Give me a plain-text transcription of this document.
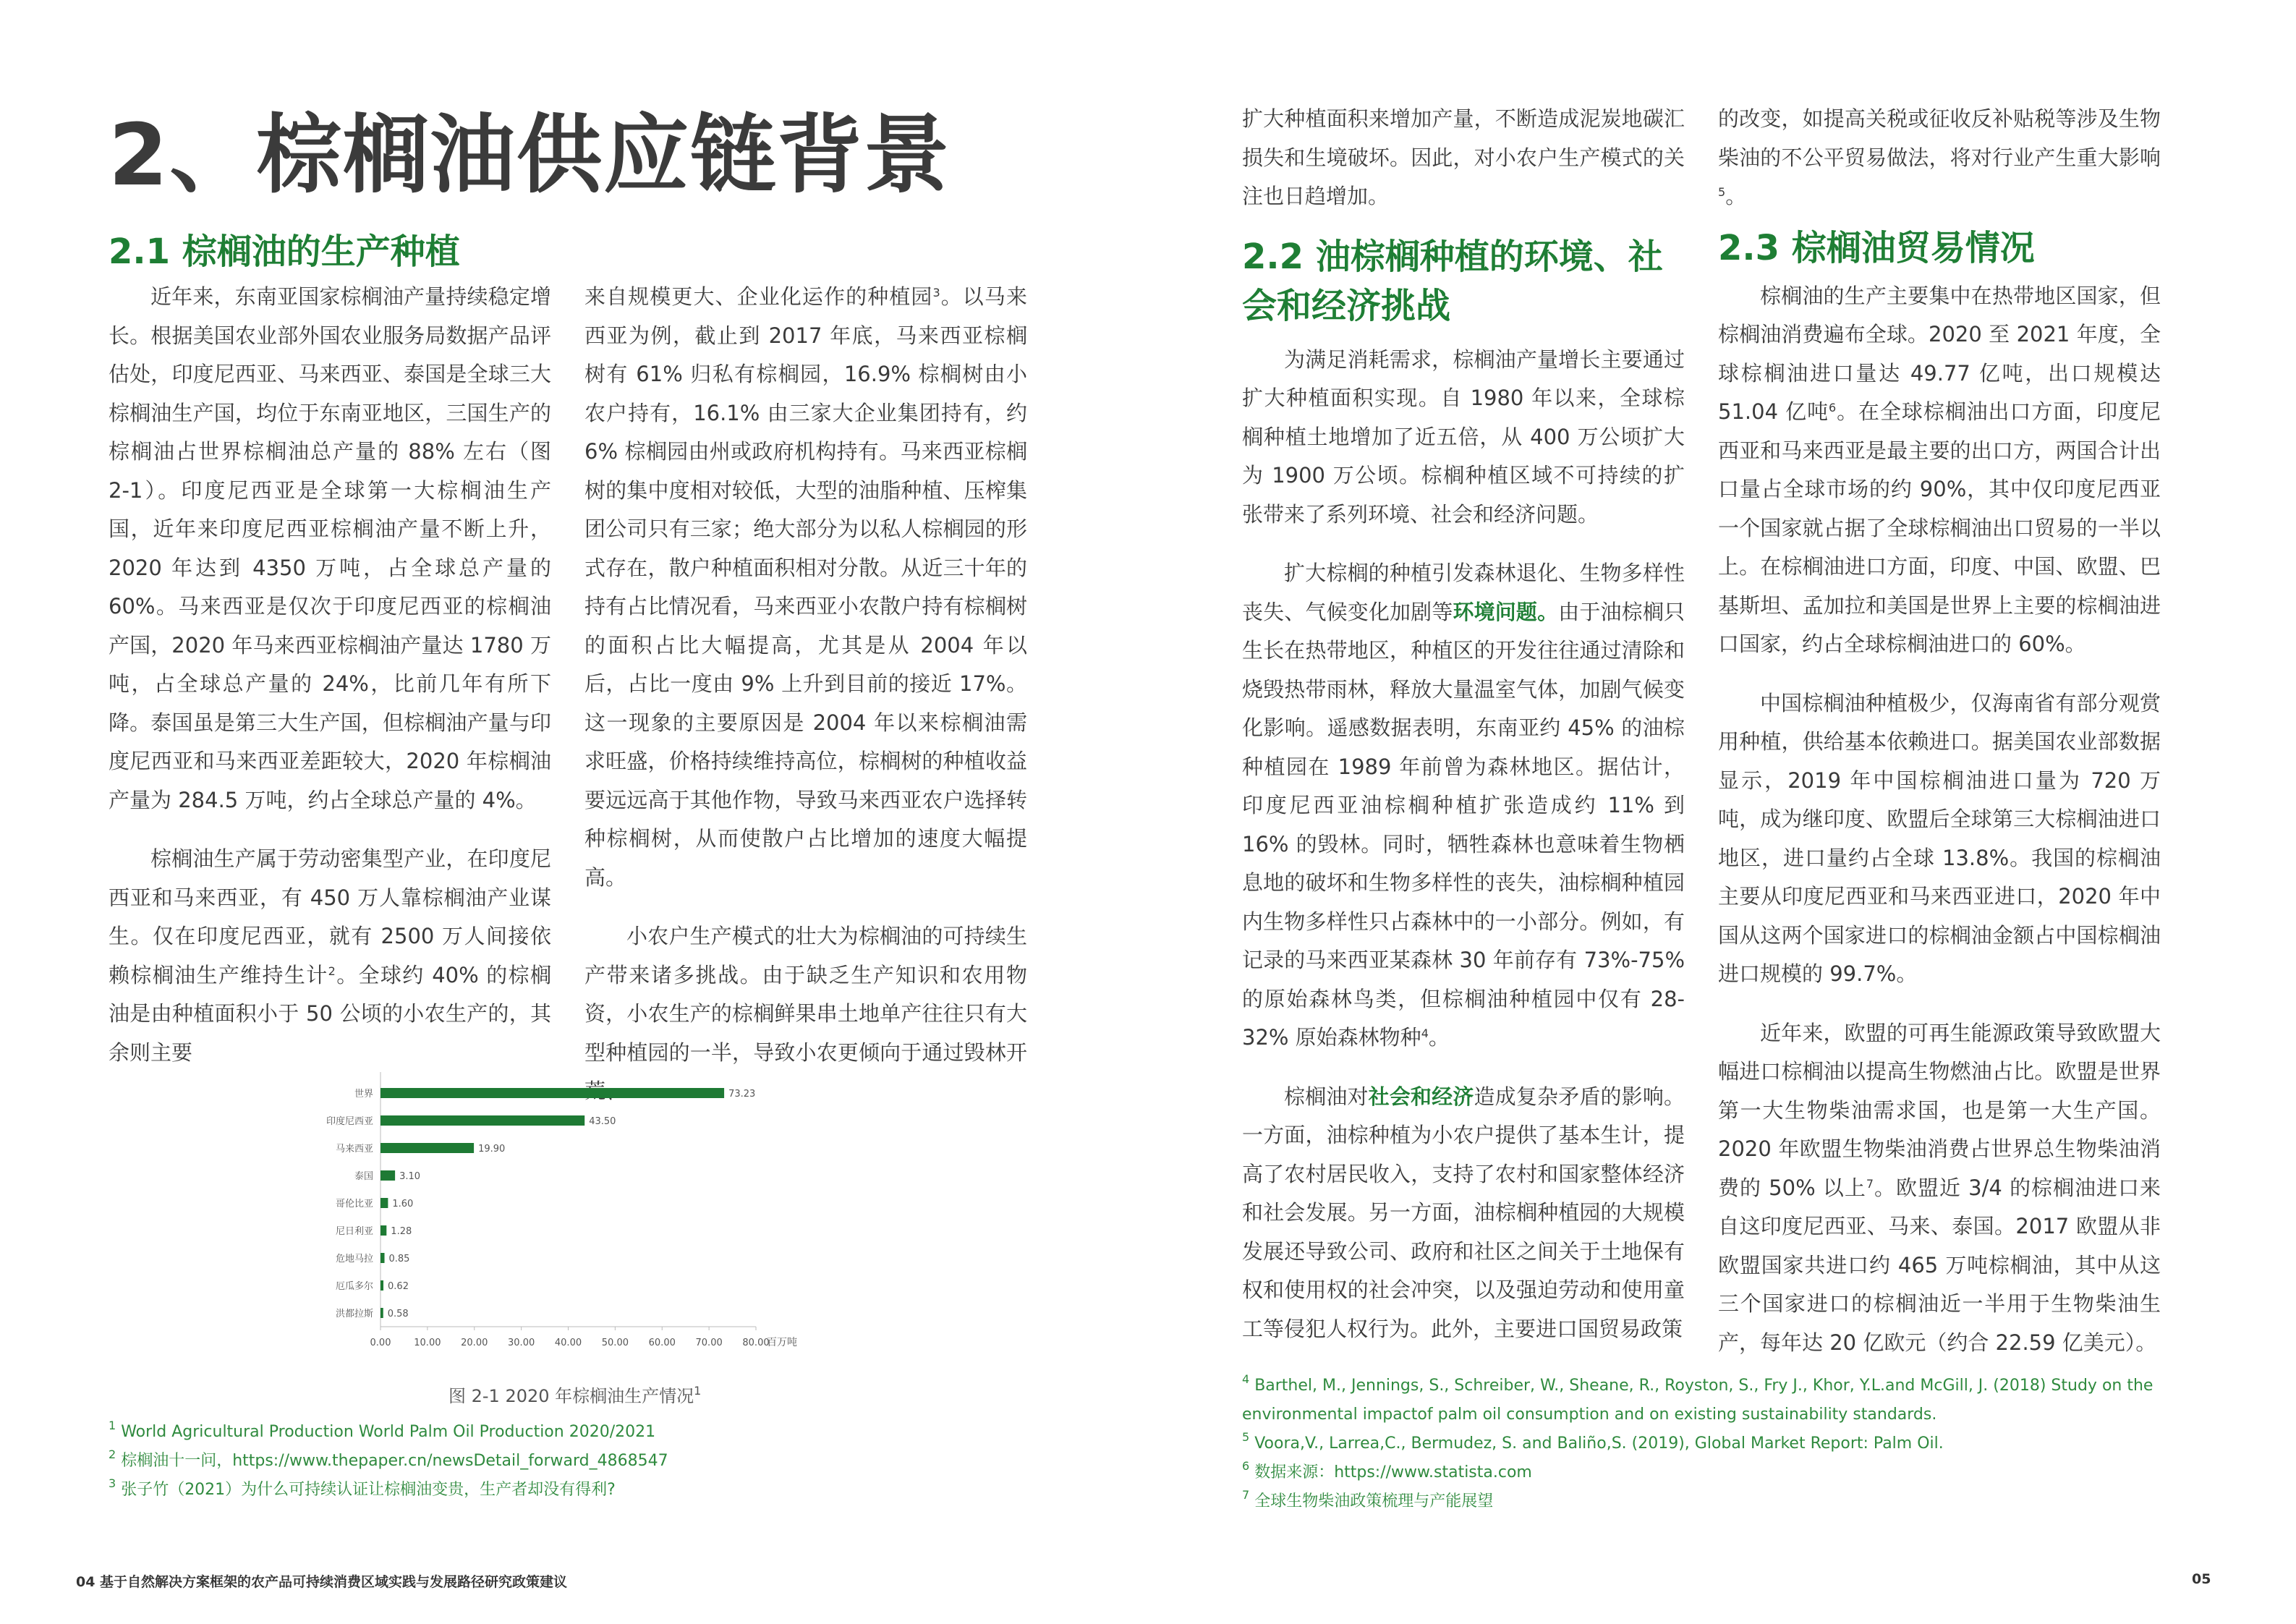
2、棕榈油供应链背景
2.1 棕榈油的生产种植

近年来，东南亚国家棕榈油产量持续稳定增长。根据美国农业部外国农业服务局数据产品评估处，印度尼西亚、马来西亚、泰国是全球三大棕榈油生产国，均位于东南亚地区，三国生产的棕榈油占世界棕榈油总产量的 88% 左右（图 2-1）。印度尼西亚是全球第一大棕榈油生产国，近年来印度尼西亚棕榈油产量不断上升，2020 年达到 4350 万吨，占全球总产量的 60%。马来西亚是仅次于印度尼西亚的棕榈油产国，2020 年马来西亚棕榈油产量达 1780 万吨，占全球总产量的 24%，比前几年有所下降。泰国虽是第三大生产国，但棕榈油产量与印度尼西亚和马来西亚差距较大，2020 年棕榈油产量为 284.5 万吨，约占全球总产量的 4%。

棕榈油生产属于劳动密集型产业，在印度尼西亚和马来西亚，有 450 万人靠棕榈油产业谋生。仅在印度尼西亚，就有 2500 万人间接依赖棕榈油生产维持生计$^2$。全球约 40% 的棕榈油是由种植面积小于 50 公顷的小农生产的，其余则主要

来自规模更大、企业化运作的种植园$^3$。以马来西亚为例，截止到 2017 年底，马来西亚棕榈树有 61% 归私有棕榈园，16.9% 棕榈树由小农户持有，16.1% 由三家大企业集团持有，约 6% 棕榈园由州或政府机构持有。马来西亚棕榈树的集中度相对较低，大型的油脂种植、压榨集团公司只有三家；绝大部分为以私人棕榈园的形式存在，散户种植面积相对分散。从近三十年的持有占比情况看，马来西亚小农散户持有棕榈树的面积占比大幅提高，尤其是从 2004 年以后，占比一度由 9% 上升到目前的接近 17%。这一现象的主要原因是 2004 年以来棕榈油需求旺盛，价格持续维持高位，棕榈树的种植收益要远远高于其他作物，导致马来西亚农户选择转种棕榈树，从而使散户占比增加的速度大幅提高。

小农户生产模式的壮大为棕榈油的可持续生产带来诸多挑战。由于缺乏生产知识和农用物资，小农生产的棕榈鲜果串土地单产往往只有大型种植园的一半，导致小农更倾向于通过毁林开

世界	73.23
印度尼西亚	43.50
马来西亚	19.90
泰国	3.10
哥伦比亚 1.60
尼日利亚 1.28
危地马拉 0.85
厄瓜多尔 0.62
洪都拉斯 0.58
0.00 10.00 20.00 30.00 40.00 50.00 60.00 70.00 80.00
百万吨
图 2-1 2020 年棕榈油生产情况$^1$

$^1$ World Agricultural Production World Palm Oil Production 2020/2021

$^2$ 棕榈油十一问，https://www.thepaper.cn/newsDetail_forward_4868547

$^3$ 张子竹（2021）为什么可持续认证让棕榈油变贵，生产者却没有得利?

04 基于自然解决方案框架的农产品可持续消费区域实践与发展路径研究政策建议

扩大种植面积来增加产量，不断造成泥炭地碳汇损失和生境破坏。因此，对小农户生产模式的关注也日趋增加。

2.2 油棕榈种植的环境、社会和经济挑战

为满足消耗需求，棕榈油产量增长主要通过扩大种植面积实现。自 1980 年以来，全球棕榈种植土地增加了近五倍，从 400 万公顷扩大为 1900 万公顷。棕榈种植区域不可持续的扩张带来了系列环境、社会和经济问题。

扩大棕榈的种植引发森林退化、生物多样性丧失、气候变化加剧等环境问题。由于油棕榈只生长在热带地区，种植区的开发往往通过清除和烧毁热带雨林，释放大量温室气体，加剧气候变化影响。遥感数据表明，东南亚约 45% 的油棕种植园在 1989 年前曾为森林地区。据估计，印度尼西亚油棕榈种植扩张造成约 11% 到 16% 的毁林。同时，牺牲森林也意味着生物栖息地的破坏和生物多样性的丧失，油棕榈种植园内生物多样性只占森林中的一小部分。例如，有记录的马来西亚某森林 30 年前存有 73%-75% 的原始森林鸟类，但棕榈油种植园中仅有 28-32% 原始森林物种$^4$。

棕榈油对社会和经济造成复杂矛盾的影响。一方面，油棕种植为小农户提供了基本生计，提高了农村居民收入，支持了农村和国家整体经济和社会发展。另一方面，油棕榈种植园的大规模发展还导致公司、政府和社区之间关于土地保有权和使用权的社会冲突，以及强迫劳动和使用童工等侵犯人权行为。此外，主要进口国贸易政策

的改变，如提高关税或征收反补贴税等涉及生物柴油的不公平贸易做法，将对行业产生重大影响$^5$。

2.3 棕榈油贸易情况

棕榈油的生产主要集中在热带地区国家，但棕榈油消费遍布全球。2020 至 2021 年度，全球棕榈油进口量达 49.77 亿吨，出口规模达 51.04 亿吨$^6$。在全球棕榈油出口方面，印度尼西亚和马来西亚是最主要的出口方，两国合计出口量占全球市场的约 90%，其中仅印度尼西亚一个国家就占据了全球棕榈油出口贸易的一半以上。在棕榈油进口方面，印度、中国、欧盟、巴基斯坦、孟加拉和美国是世界上主要的棕榈油进口国家，约占全球棕榈油进口的 60%。

中国棕榈油种植极少，仅海南省有部分观赏用种植，供给基本依赖进口。据美国农业部数据显示，2019 年中国棕榈油进口量为 720 万吨，成为继印度、欧盟后全球第三大棕榈油进口地区，进口量约占全球 13.8%。我国的棕榈油主要从印度尼西亚和马来西亚进口，2020 年中国从这两个国家进口的棕榈油金额占中国棕榈油进口规模的 99.7%。

近年来，欧盟的可再生能源政策导致欧盟大幅进口棕榈油以提高生物燃油占比。欧盟是世界第一大生物柴油需求国，也是第一大生产国。2020 年欧盟生物柴油消费占世界总生物柴油消费的 50% 以上$^7$。欧盟近 3/4 的棕榈油进口来自这印度尼西亚、马来、泰国。2017 欧盟从非欧盟国家共进口约 465 万吨棕榈油，其中从这三个国家进口的棕榈油近一半用于生物柴油生产，每年达 20 亿欧元（约合 22.59 亿美元）。

$^4$ Barthel, M., Jennings, S., Schreiber, W., Sheane, R., Royston, S., Fry J., Khor, Y.L.and McGill, J. (2018) Study on the environmental impactof palm oil consumption and on existing sustainability standards.

$^5$ Voora,V., Larrea,C., Bermudez, S. and Baliño,S. (2019), Global Market Report: Palm Oil.

$^6$ 数据来源：https://www.statista.com

$^7$ 全球生物柴油政策梳理与产能展望

05
